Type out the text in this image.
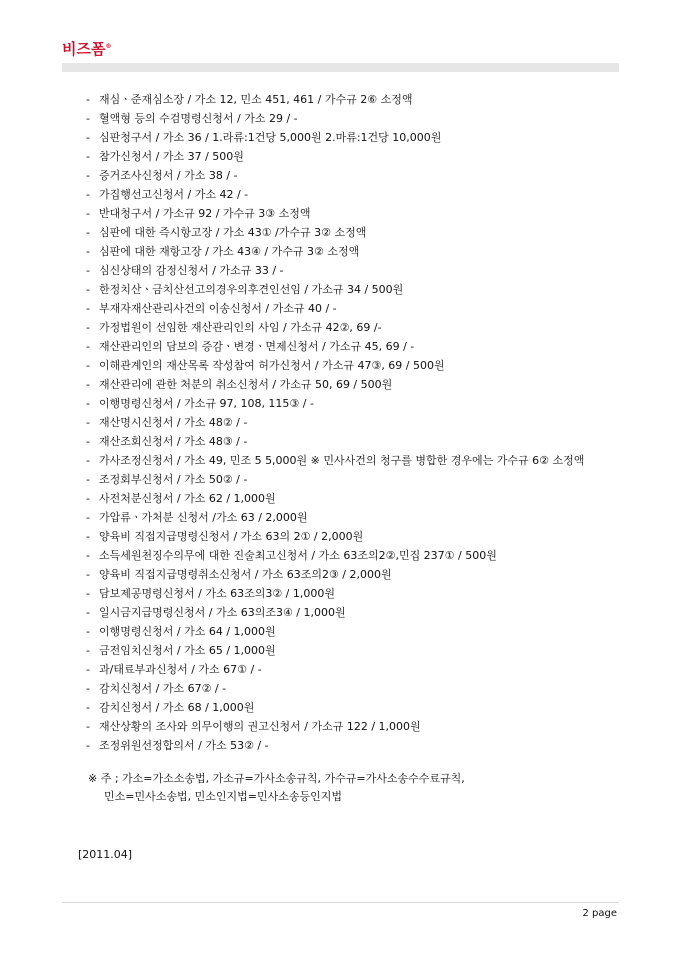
비즈폼®
- 재심ㆍ준재심소장 / 가소 12, 민소 451, 461 / 가수규 2⑥ 소정액
- 혈액형 등의 수검명령신청서 / 가소 29 / -
- 심판청구서 / 가소 36 / 1.라류:1건당 5,000원 2.마류:1건당 10,000원
- 참가신청서 / 가소 37 / 500원
- 증거조사신청서 / 가소 38 / -
- 가집행선고신청서 / 가소 42 / -
- 반대청구서 / 가소규 92 / 가수규 3③ 소정액
- 심판에 대한 즉시항고장 / 가소 43① /가수규 3② 소정액
- 심판에 대한 재항고장 / 가소 43④ / 가수규 3② 소정액
- 심신상태의 감정신청서 / 가소규 33 / -
- 한정치산ㆍ금치산선고의경우의후견인선임 / 가소규 34 / 500원
- 부재자재산관리사건의 이송신청서 / 가소규 40 / -
- 가정법원이 선임한 재산관리인의 사임 / 가소규 42②, 69 /-
- 재산관리인의 담보의 증감ㆍ변경ㆍ면제신청서 / 가소규 45, 69 / -
- 이해관계인의 재산목록 작성참여 허가신청서 / 가소규 47③, 69 / 500원
- 재산관리에 관한 처분의 취소신청서 / 가소규 50, 69 / 500원
- 이행명령신청서 / 가소규 97, 108, 115③ / -
- 재산명시신청서 / 가소 48② / -
- 재산조회신청서 / 가소 48③ / -
- 가사조정신청서 / 가소 49, 민조 5 5,000원 ※ 민사사건의 청구를 병합한 경우에는 가수규 6② 소정액
- 조정회부신청서 / 가소 50② / -
- 사전처분신청서 / 가소 62 / 1,000원
- 가압류ㆍ가처분 신청서 /가소 63 / 2,000원
- 양육비 직접지급명령신청서 / 가소 63의 2① / 2,000원
- 소득세원천징수의무에 대한 진술최고신청서 / 가소 63조의2②,민집 237① / 500원
- 양육비 직접지급명령취소신청서 / 가소 63조의2③ / 2,000원
- 담보제공명령신청서 / 가소 63조의3② / 1,000원
- 일시금지급명령신청서 / 가소 63의조3④ / 1,000원
- 이행명령신청서 / 가소 64 / 1,000원
- 금전임치신청서 / 가소 65 / 1,000원
- 과/태료부과신청서 / 가소 67① / -
- 감치신청서 / 가소 67② / -
- 감치신청서 / 가소 68 / 1,000원
- 재산상황의 조사와 의무이행의 권고신청서 / 가소규 122 / 1,000원
- 조정위원선정합의서 / 가소 53② / -
※ 주 ; 가소=가소소송법, 가소규=가사소송규칙, 가수규=가사소송수수료규칙,
민소=민사소송법, 민소인지법=민사소송등인지법
[2011.04]
2 page
